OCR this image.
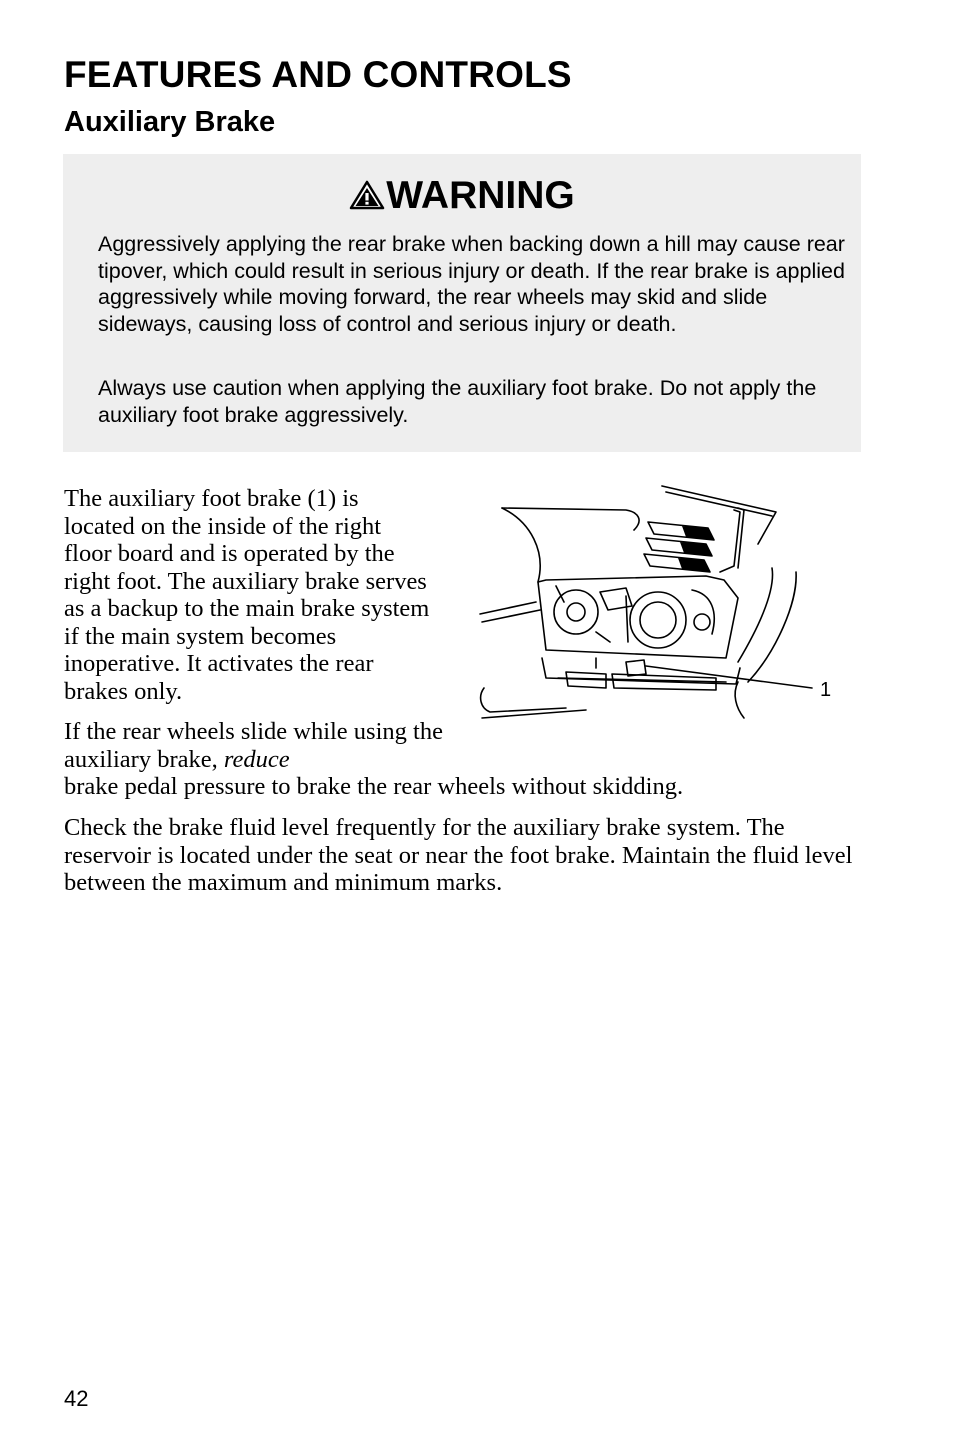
FEATURES AND CONTROLS
Auxiliary Brake
WARNING

Aggressively applying the rear brake when backing down a hill may cause rear tipover, which could result in serious injury or death. If the rear brake is applied aggressively while moving forward, the rear wheels may skid and slide sideways, causing loss of control and serious injury or death.

Always use caution when applying the auxiliary foot brake. Do not apply the auxiliary foot brake aggressively.

The auxiliary foot brake (1) is located on the inside of the right floor board and is operated by the right foot. The auxiliary brake serves as a backup to the main brake system if the main system becomes inoperative. It activates the rear brakes only.

If the rear wheels slide while using the auxiliary brake, reduce

brake pedal pressure to brake the rear wheels without skidding.

Check the brake fluid level frequently for the auxiliary brake system. The reservoir is located under the seat or near the foot brake. Maintain the fluid level between the maximum and minimum marks.

1

42
